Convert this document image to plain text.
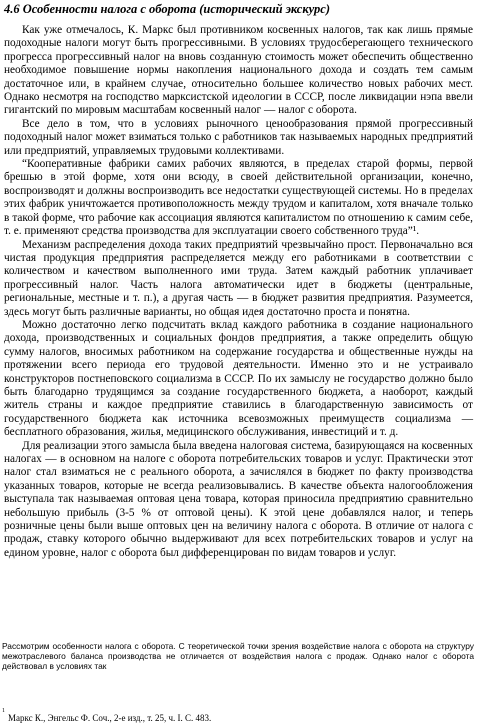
4.6 Особенности налога с оборота (исторический экскурс)

Как уже отмечалось, К. Маркс был противником косвенных налогов, так как лишь прямые подоходные налоги могут быть прогрессивными. В условиях трудосберегающего технического прогресса прогрессивный налог на вновь созданную стоимость может обеспечить общественно необходимое повышение нормы накопления национального дохода и создать тем самым достаточное или, в крайнем случае, относительно большее количество новых рабочих мест. Однако несмотря на господство марксистской идеологии в СССР, после ликвидации нэпа ввели гигантский по мировым масштабам косвенный налог — налог с оборота.

Все дело в том, что в условиях рыночного ценообразования прямой прогрессивный подоходный налог может взиматься только с работников так называемых народных предприятий или предприятий, управляемых трудовыми коллективами.

“Кооперативные фабрики самих рабочих являются, в пределах старой формы, первой брешью в этой форме, хотя они всюду, в своей действительной организации, конечно, воспроизводят и должны воспроизводить все недостатки существующей системы. Но в пределах этих фабрик уничтожается противоположность между трудом и капиталом, хотя вначале только в такой форме, что рабочие как ассоциация являются капиталистом по отношению к самим себе, т. е. применяют средства производства для эксплуатации своего собственного труда”¹.

Механизм распределения дохода таких предприятий чрезвычайно прост. Первоначально вся чистая продукция предприятия распределяется между его работниками в соответствии с количеством и качеством выполненного ими труда. Затем каждый работник уплачивает прогрессивный налог. Часть налога автоматически идет в бюджеты (центральные, региональные, местные и т. п.), а другая часть — в бюджет развития предприятия. Разумеется, здесь могут быть различные варианты, но общая идея достаточно проста и понятна.

Можно достаточно легко подсчитать вклад каждого работника в создание национального дохода, производственных и социальных фондов предприятия, а также определить общую сумму налогов, вносимых работником на содержание государства и общественные нужды на протяжении всего периода его трудовой деятельности. Именно это и не устраивало конструкторов постнеповского социализма в СССР. По их замыслу не государство должно было быть благодарно трудящимся за создание государственного бюджета, а наоборот, каждый житель страны и каждое предприятие ставились в благодарственную зависимость от государственного бюджета как источника всевозможных преимуществ социализма — бесплатного образования, жилья, медицинского обслуживания, инвестиций и т. д.

Для реализации этого замысла была введена налоговая система, базирующаяся на косвенных налогах — в основном на налоге с оборота потребительских товаров и услуг. Практически этот налог стал взиматься не с реального оборота, а зачислялся в бюджет по факту производства указанных товаров, которые не всегда реализовывались. В качестве объекта налогообложения выступала так называемая оптовая цена товара, которая приносила предприятию сравнительно небольшую прибыль (3-5 % от оптовой цены). К этой цене добавлялся налог, и теперь розничные цены были выше оптовых цен на величину налога с оборота. В отличие от налога с продаж, ставку которого обычно выдерживают для всех потребительских товаров и услуг на едином уровне, налог с оборота был дифференцирован по видам товаров и услуг.

Рассмотрим особенности налога с оборота. С теоретической точки зрения воздействие налога с оборота на структуру межотраслевого баланса производства не отличается от воздействия налога с продаж. Однако налог с оборота действовал в условиях так
1
Маркс К., Энгельс Ф. Соч., 2-е изд., т. 25, ч. I. С. 483.
